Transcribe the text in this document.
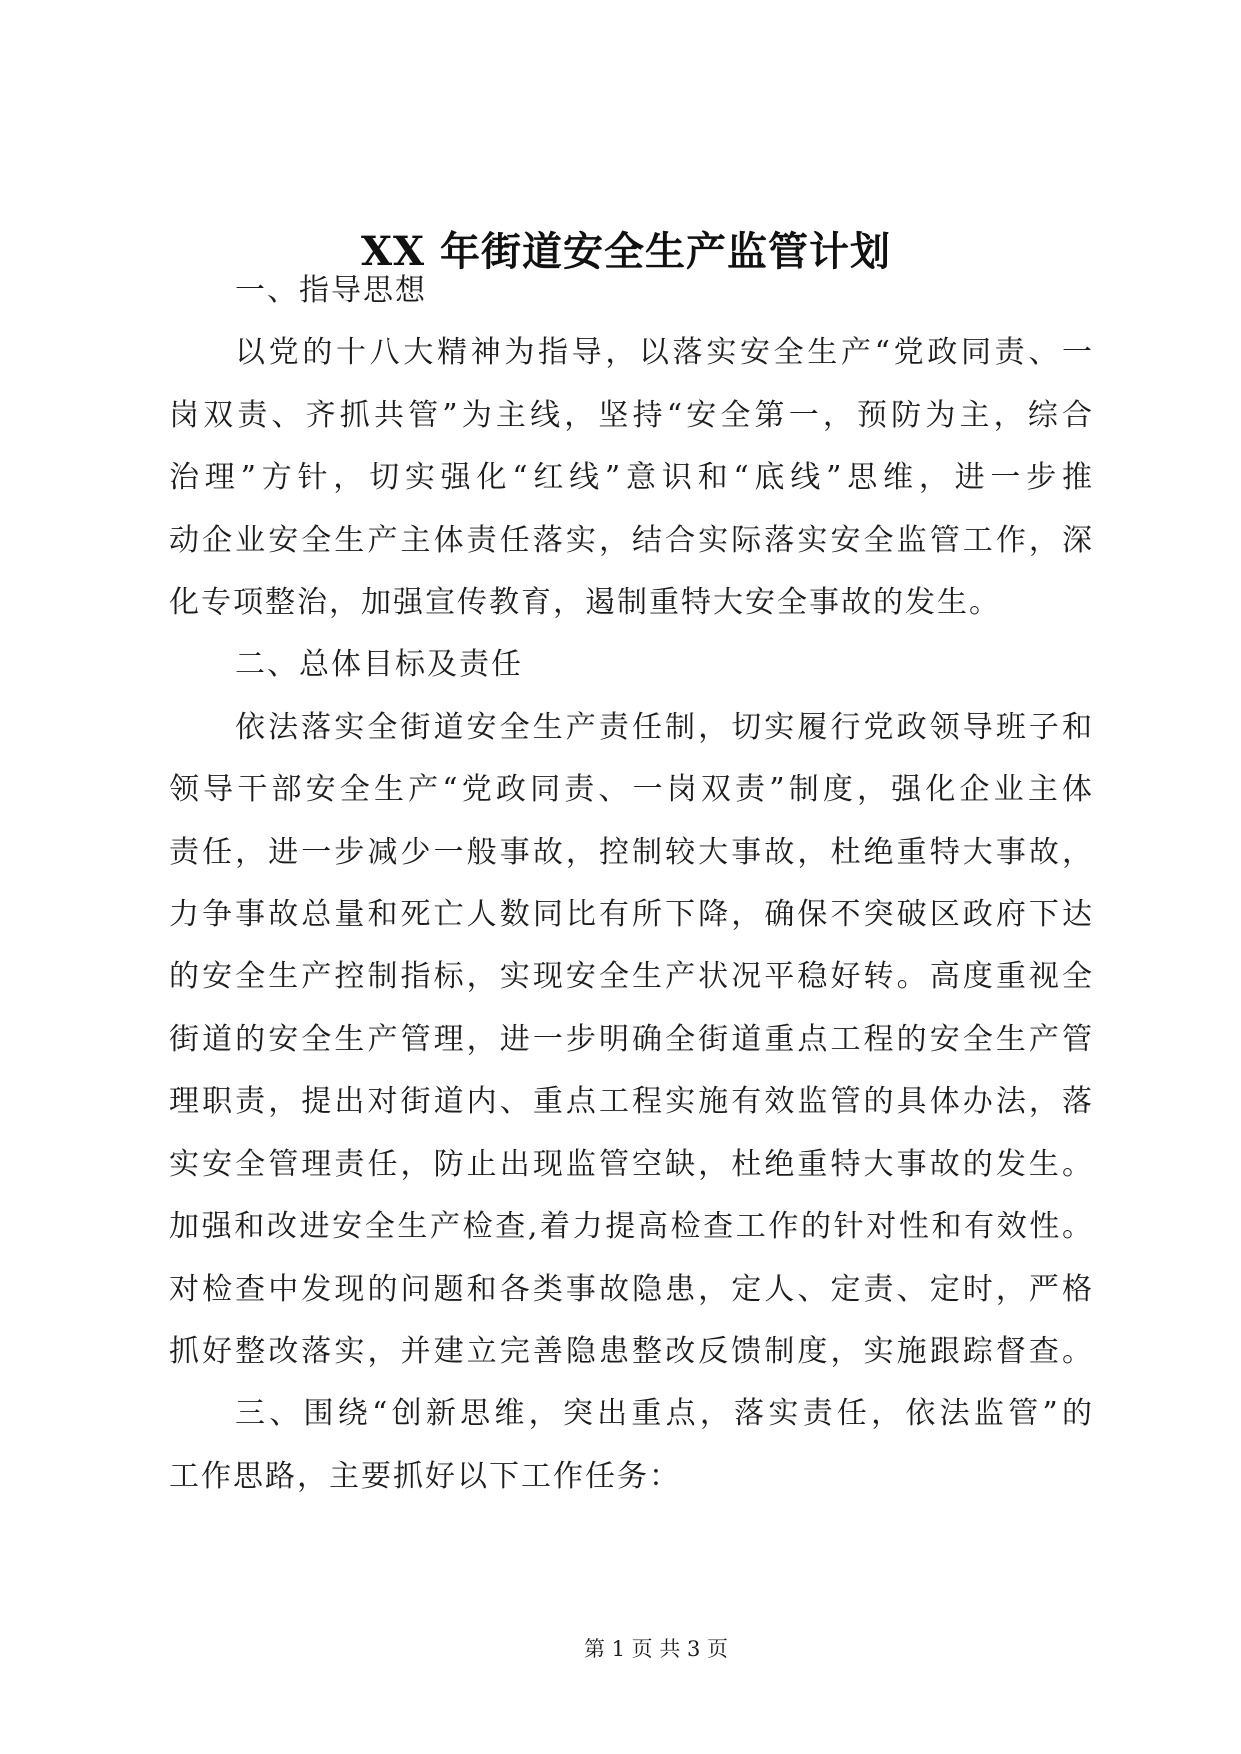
XX 年街道安全生产监管计划
一、指导思想
以党的十八大精神为指导，以落实安全生产“党政同责、一
岗双责、齐抓共管”为主线，坚持“安全第一，预防为主，综合
治理”方针，切实强化“红线”意识和“底线”思维，进一步推
动企业安全生产主体责任落实，结合实际落实安全监管工作，深
化专项整治，加强宣传教育，遏制重特大安全事故的发生。
二、总体目标及责任
依法落实全街道安全生产责任制，切实履行党政领导班子和
领导干部安全生产“党政同责、一岗双责”制度，强化企业主体
责任，进一步减少一般事故，控制较大事故，杜绝重特大事故，
力争事故总量和死亡人数同比有所下降，确保不突破区政府下达
的安全生产控制指标，实现安全生产状况平稳好转。高度重视全
街道的安全生产管理，进一步明确全街道重点工程的安全生产管
理职责，提出对街道内、重点工程实施有效监管的具体办法，落
实安全管理责任，防止出现监管空缺，杜绝重特大事故的发生。
加强和改进安全生产检查,着力提高检查工作的针对性和有效性。
对检查中发现的问题和各类事故隐患，定人、定责、定时，严格
抓好整改落实，并建立完善隐患整改反馈制度，实施跟踪督查。
三、围绕“创新思维，突出重点，落实责任，依法监管”的
工作思路，主要抓好以下工作任务：
第 1 页 共 3 页
